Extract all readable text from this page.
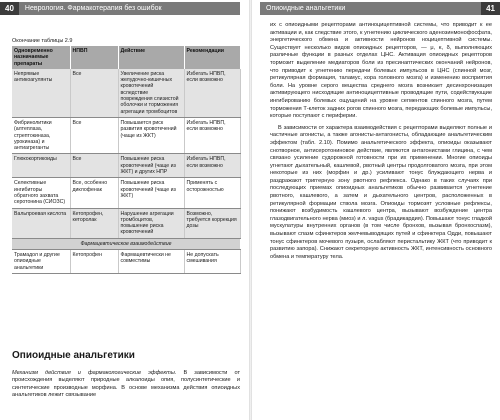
40 Неврология. Фармакотерапия без ошибок
Окончание таблицы 2.9
Одновременно назначаемые препараты	НПВП	Действие	Рекомендации
Непрямые антикоагулянты	Все	Увеличение риска желудочно-кишечных кровотечений вследствие повреждения слизистой оболочки и торможения агрегации тромбоцитов	Избегать НПВП, если возможно
Фибринолитики (алтеплаза, стрептокиназа, урокиназа) и антиагреганты	Все	Повышается риск развития кровотечений (чаще из ЖКТ)	Избегать НПВП, если возможно
Глюкокортикоиды	Все	Повышение риска кровотечений (чаще из ЖКТ) и других НПР	Избегать НПВП, если возможно
Селективные ингибиторы обратного захвата серотонина (СИОЗС)	Все, особенно диклофенак	Повышение риска кровотечений (чаще из ЖКТ)	Применять с осторожностью
Вальпроевая кислота	Кетопрофен, кеторолак	Нарушение агрегации тромбоцитов, повышение риска кровотечений	Возможно, требуется коррекция дозы
Фармацевтическое взаимодействие			
Трамадол и другие опиоидные анальгетики	Кетопрофен	Фармацевтически не совместимы	Не допускать смешивания
Опиоидные анальгетики

Механизм действия и фармакологические эффекты. В зависимости от происхождения выделяют природные алкалоиды опия, полусинтетические и синтетические производные морфина. В основе механизма действия опиоидных анальгетиков лежит связывание

Опиоидные анальгетики	41

их с опиоидными рецепторами антиноцицептивной системы, что приводит к ее активации и, как следствие этого, к угнетению циклического аденозинмонофосфата, энергетического обмена и активности нейронов ноцицептивной системы. Существует несколько видов опиоидных рецепторов, — μ, κ, δ, выполняющих различные функции в разных отделах ЦНС. Активация опиоидных рецепторов тормозит выделение медиаторов боли из пресинаптических окончаний нейронов, что приводит к угнетению передачи болевых импульсов в ЦНС (спинной мозг, ретикулярная формация, таламус, кора головного мозга) и изменению восприятия боли. На уровне серого вещества среднего мозга возникает десинхронизация активирующего нисходящие антиноцицептивные проводящие пути, содействующие ингибированию болевых ощущений на уровне сегментов спинного мозга, путем торможения Т-клеток задних рогов спинного мозга, передающих болевые импульсы, которые поступают с периферии.

В зависимости от характера взаимодействия с рецепторами выделяют полные и частичные агонисты, а также агонисты-антагонисты, обладающие анальгетическим эффектом (табл. 2.10). Помимо анальгетического эффекта, опиоиды оказывают снотворное, антисеротониновое действие, являются антагонистами глицина, с чем связано усиление судорожной готовности при их применении. Многие опиоиды угнетают дыхательный, кашлевой, рвотный центры продолговатого мозга, при этом некоторые из них (морфин и др.) усиливают тонус блуждающего нерва и раздражают триггерную зону рвотного рефлекса. Однако в таких случаях при последующих приемах опиоидных анальгетиков обычно развивается угнетение рвотного, кашлевого, а затем и дыхательного центров, расположенных в ретикулярной формации ствола мозга. Опиоиды тормозят условные рефлексы, понижают возбудимость кашлевого центра, вызывают возбуждение центра глазодвигательного нерва (миоз) и л. vagus (брадикардия). Повышают тонус гладкой мускулатуры внутренних органов (в том числе бронхов, вызывая бронхоспазм), вызывают спазм сфинктеров желчевыводящих путей и сфинктера Одди, повышают тонус сфинктеров мочевого пузыря, ослабляют перистальтику ЖКТ (что приводит к развитию запора). Снижают секреторную активность ЖКТ, интенсивность основного обмена и температуру тела.
